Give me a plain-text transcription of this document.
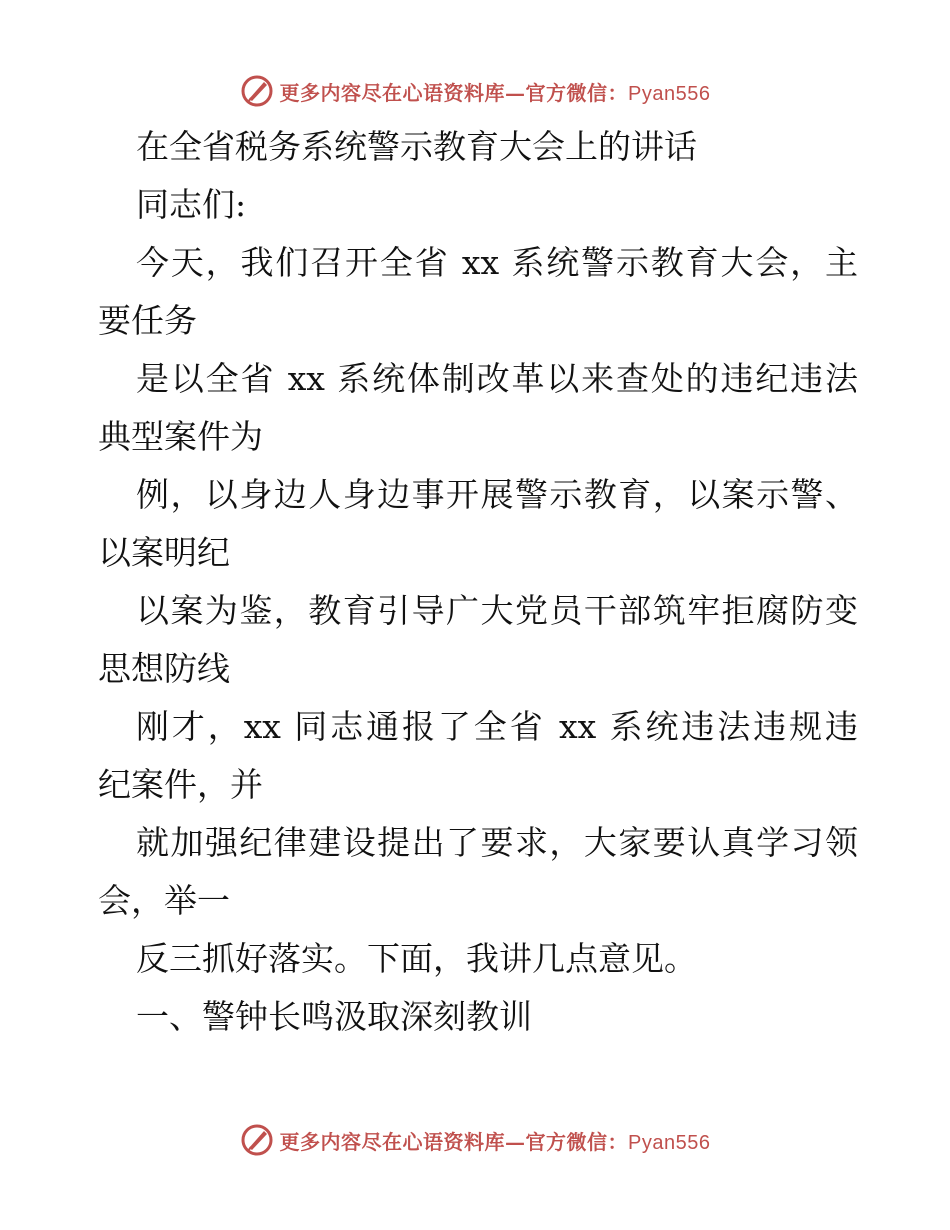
更多内容尽在心语资料库—官方微信：Pyan556
在全省税务系统警示教育大会上的讲话
同志们:
今天，我们召开全省 xx 系统警示教育大会，主
要任务
是以全省 xx 系统体制改革以来查处的违纪违法
典型案件为
例，以身边人身边事开展警示教育，以案示警、
以案明纪
以案为鉴，教育引导广大党员干部筑牢拒腐防变
思想防线
刚才，xx 同志通报了全省 xx 系统违法违规违
纪案件，并
就加强纪律建设提出了要求，大家要认真学习领
会，举一
反三抓好落实。下面，我讲几点意见。
一、警钟长鸣汲取深刻教训
更多内容尽在心语资料库—官方微信：Pyan556
